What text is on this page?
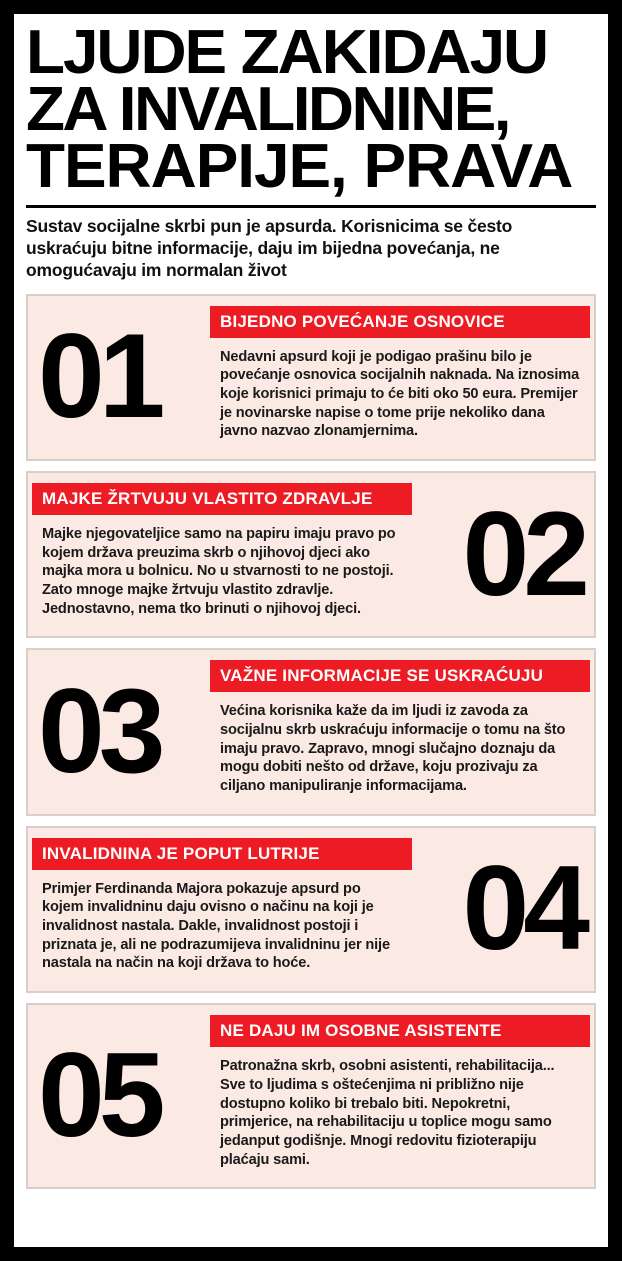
LJUDE ZAKIDAJU
ZA INVALIDNINE,
TERAPIJE, PRAVA

Sustav socijalne skrbi pun je apsurda. Korisnicima se često uskraćuju bitne informacije, daju im bijedna povećanja, ne omogućavaju im normalan život

01	BIJEDNO POVEĆANJE OSNOVICE
Nedavni apsurd koji je podigao prašinu bilo je povećanje osnovica socijalnih naknada. Na iznosima koje korisnici primaju to će biti oko 50 eura. Premijer je novinarske napise o tome prije nekoliko dana javno nazvao zlonamjernima.
02
MAJKE ŽRTVUJU VLASTITO ZDRAVLJE
Majke njegovateljice samo na papiru imaju pravo po kojem država preuzima skrb o njihovoj djeci ako majka mora u bolnicu. No u stvarnosti to ne postoji. Zato mnoge majke žrtvuju vlastito zdravlje. Jednostavno, nema tko brinuti o njihovoj djeci.
03	VAŽNE INFORMACIJE SE USKRAĆUJU
Većina korisnika kaže da im ljudi iz zavoda za socijalnu skrb uskraćuju informacije o tomu na što imaju pravo. Zapravo, mnogi slučajno doznaju da mogu dobiti nešto od države, koju prozivaju za ciljano manipuliranje informacijama.
04
INVALIDNINA JE POPUT LUTRIJE
Primjer Ferdinanda Majora pokazuje apsurd po kojem invalidninu daju ovisno o načinu na koji je invalidnost nastala. Dakle, invalidnost postoji i priznata je, ali ne podrazumijeva invalidninu jer nije nastala na način na koji država to hoće.
05	NE DAJU IM OSOBNE ASISTENTE
Patronažna skrb, osobni asistenti, rehabilitacija... Sve to ljudima s oštećenjima ni približno nije dostupno koliko bi trebalo biti. Nepokretni, primjerice, na rehabilitaciju u toplice mogu samo jedanput godišnje. Mnogi redovitu fizioterapiju plaćaju sami.
